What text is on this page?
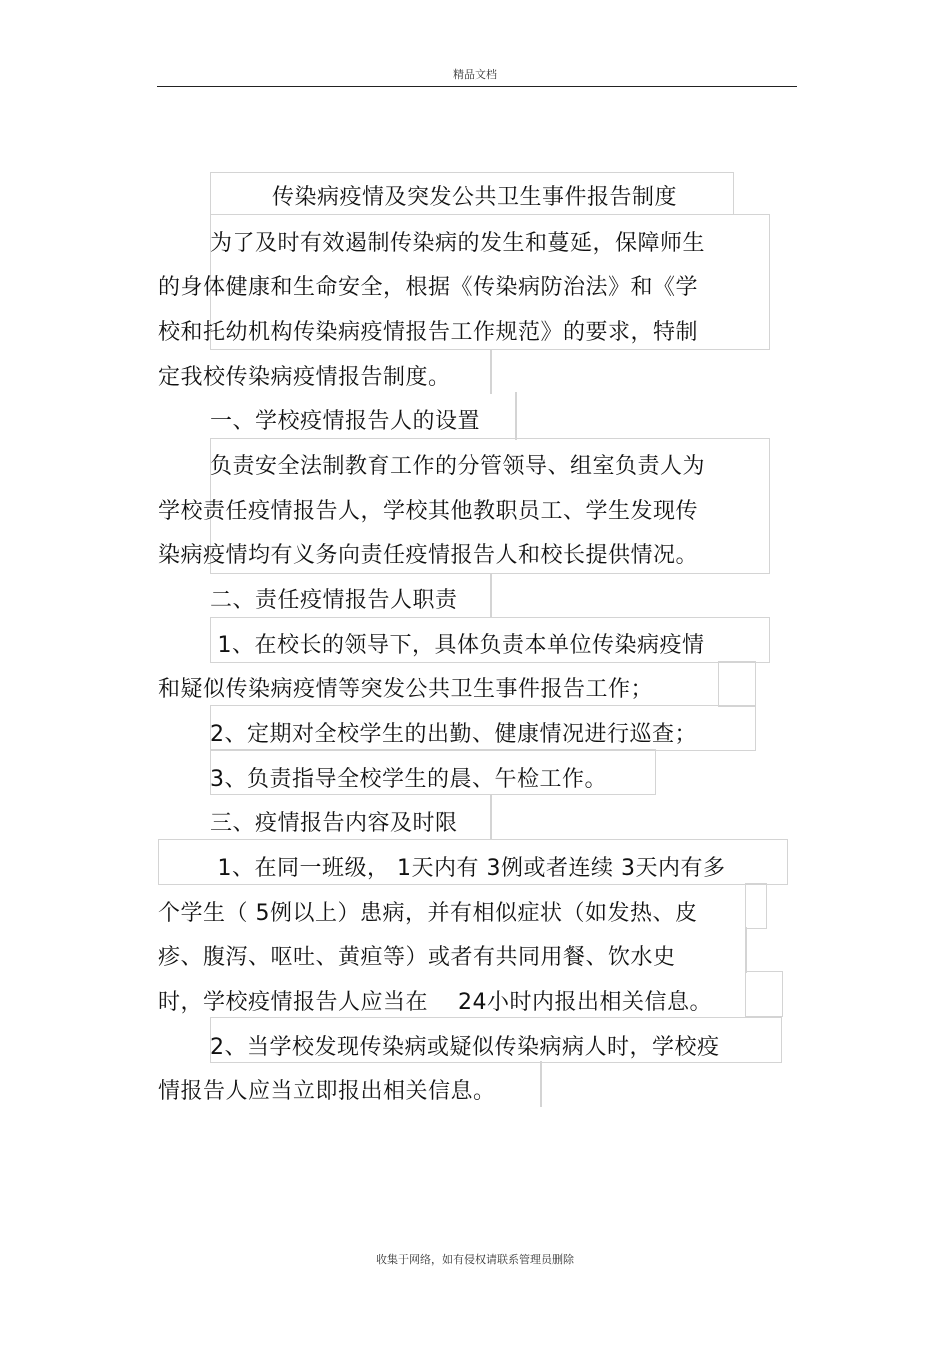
精品文档
传染病疫情及突发公共卫生事件报告制度
为了及时有效遏制传染病的发生和蔓延，保障师生
的身体健康和生命安全，根据《传染病防治法》和《学
校和托幼机构传染病疫情报告工作规范》的要求，特制
定我校传染病疫情报告制度。
一、学校疫情报告人的设置
负责安全法制教育工作的分管领导、组室负责人为
学校责任疫情报告人，学校其他教职员工、学生发现传
染病疫情均有义务向责任疫情报告人和校长提供情况。
二、责任疫情报告人职责
1、在校长的领导下，具体负责本单位传染病疫情
和疑似传染病疫情等突发公共卫生事件报告工作；
2、定期对全校学生的出勤、健康情况进行巡查；
3、负责指导全校学生的晨、午检工作。
三、疫情报告内容及时限
1、在同一班级， 1天内有 3例或者连续 3天内有多
个学生（ 5例以上）患病，并有相似症状（如发热、皮
疹、腹泻、呕吐、黄疸等）或者有共同用餐、饮水史
时，学校疫情报告人应当在    24小时内报出相关信息。
2、当学校发现传染病或疑似传染病病人时，学校疫
情报告人应当立即报出相关信息。
收集于网络，如有侵权请联系管理员删除
